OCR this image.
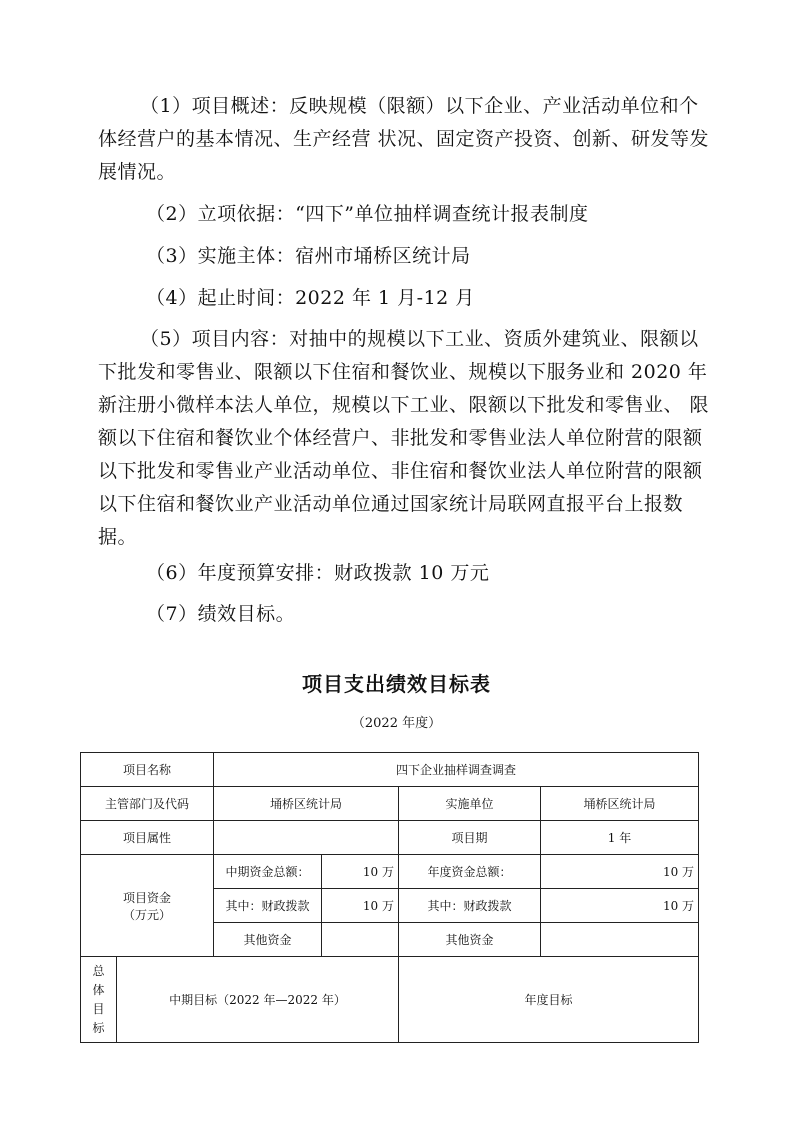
（1）项目概述：反映规模（限额）以下企业、产业活动单位和个体经营户的基本情况、生产经营 状况、固定资产投资、创新、研发等发展情况。
（2）立项依据：“四下”单位抽样调查统计报表制度
（3）实施主体：宿州市埇桥区统计局
（4）起止时间：2022 年 1 月-12 月
（5）项目内容：对抽中的规模以下工业、资质外建筑业、限额以下批发和零售业、限额以下住宿和餐饮业、规模以下服务业和 2020 年新注册小微样本法人单位，规模以下工业、限额以下批发和零售业、 限额以下住宿和餐饮业个体经营户、非批发和零售业法人单位附营的限额以下批发和零售业产业活动单位、非住宿和餐饮业法人单位附营的限额以下住宿和餐饮业产业活动单位通过国家统计局联网直报平台上报数据。
（6）年度预算安排：财政拨款 10 万元
（7）绩效目标。
项目支出绩效目标表
（2022 年度）
项目名称		四下企业抽样调查调查			
主管部门及代码		埇桥区统计局		实施单位	埇桥区统计局
项目属性				项目期	1 年

项目资金
（万元）		中期资金总额：	10 万	年度资金总额：	10 万
		其中：财政拨款	10 万	其中：财政拨款	10 万
		其他资金		其他资金	

总体目标	中期目标（2022 年—2022 年）			年度目标	
